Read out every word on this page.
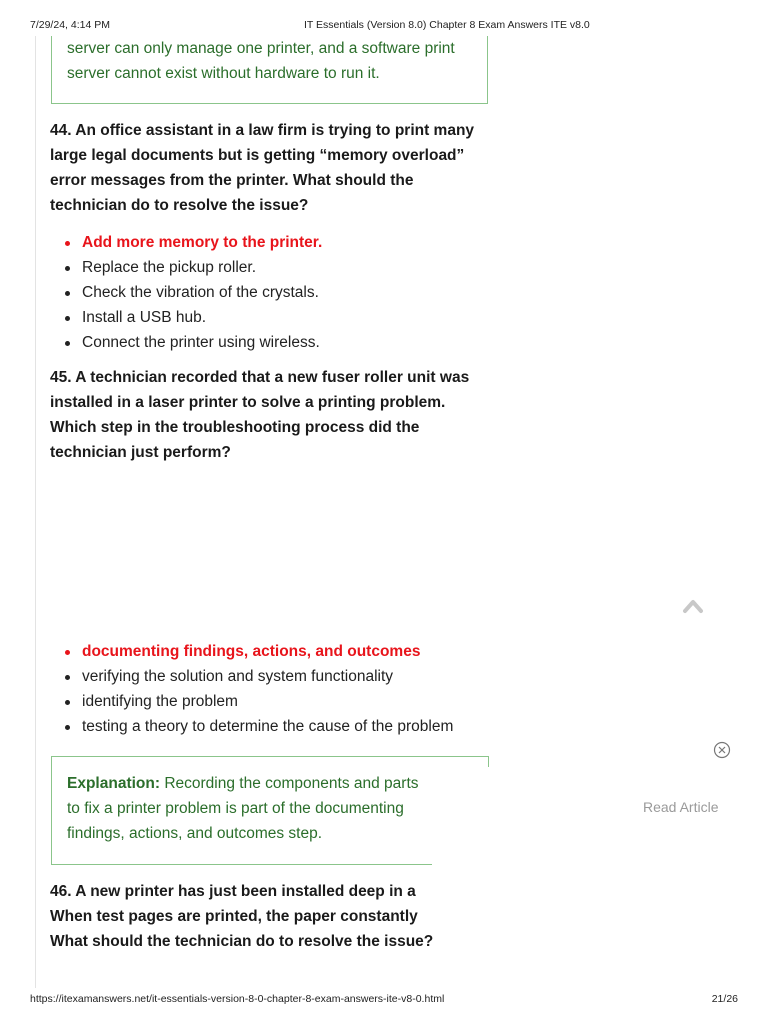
7/29/24, 4:14 PM	IT Essentials (Version 8.0) Chapter 8 Exam Answers ITE v8.0
server can only manage one printer, and a software print
server cannot exist without hardware to run it.
44. An office assistant in a law firm is trying to print many
large legal documents but is getting “memory overload”
error messages from the printer. What should the
technician do to resolve the issue?
Add more memory to the printer.
Replace the pickup roller.
Check the vibration of the crystals.
Install a USB hub.
Connect the printer using wireless.
45. A technician recorded that a new fuser roller unit was
installed in a laser printer to solve a printing problem.
Which step in the troubleshooting process did the
technician just perform?
documenting findings, actions, and outcomes
verifying the solution and system functionality
identifying the problem
testing a theory to determine the cause of the problem
Explanation: Recording the components and parts
to fix a printer problem is part of the documenting
findings, actions, and outcomes step.
46. A new printer has just been installed deep in a
When test pages are printed, the paper constantly
What should the technician do to resolve the issue?
Read Article
https://itexamanswers.net/it-essentials-version-8-0-chapter-8-exam-answers-ite-v8-0.html	21/26
